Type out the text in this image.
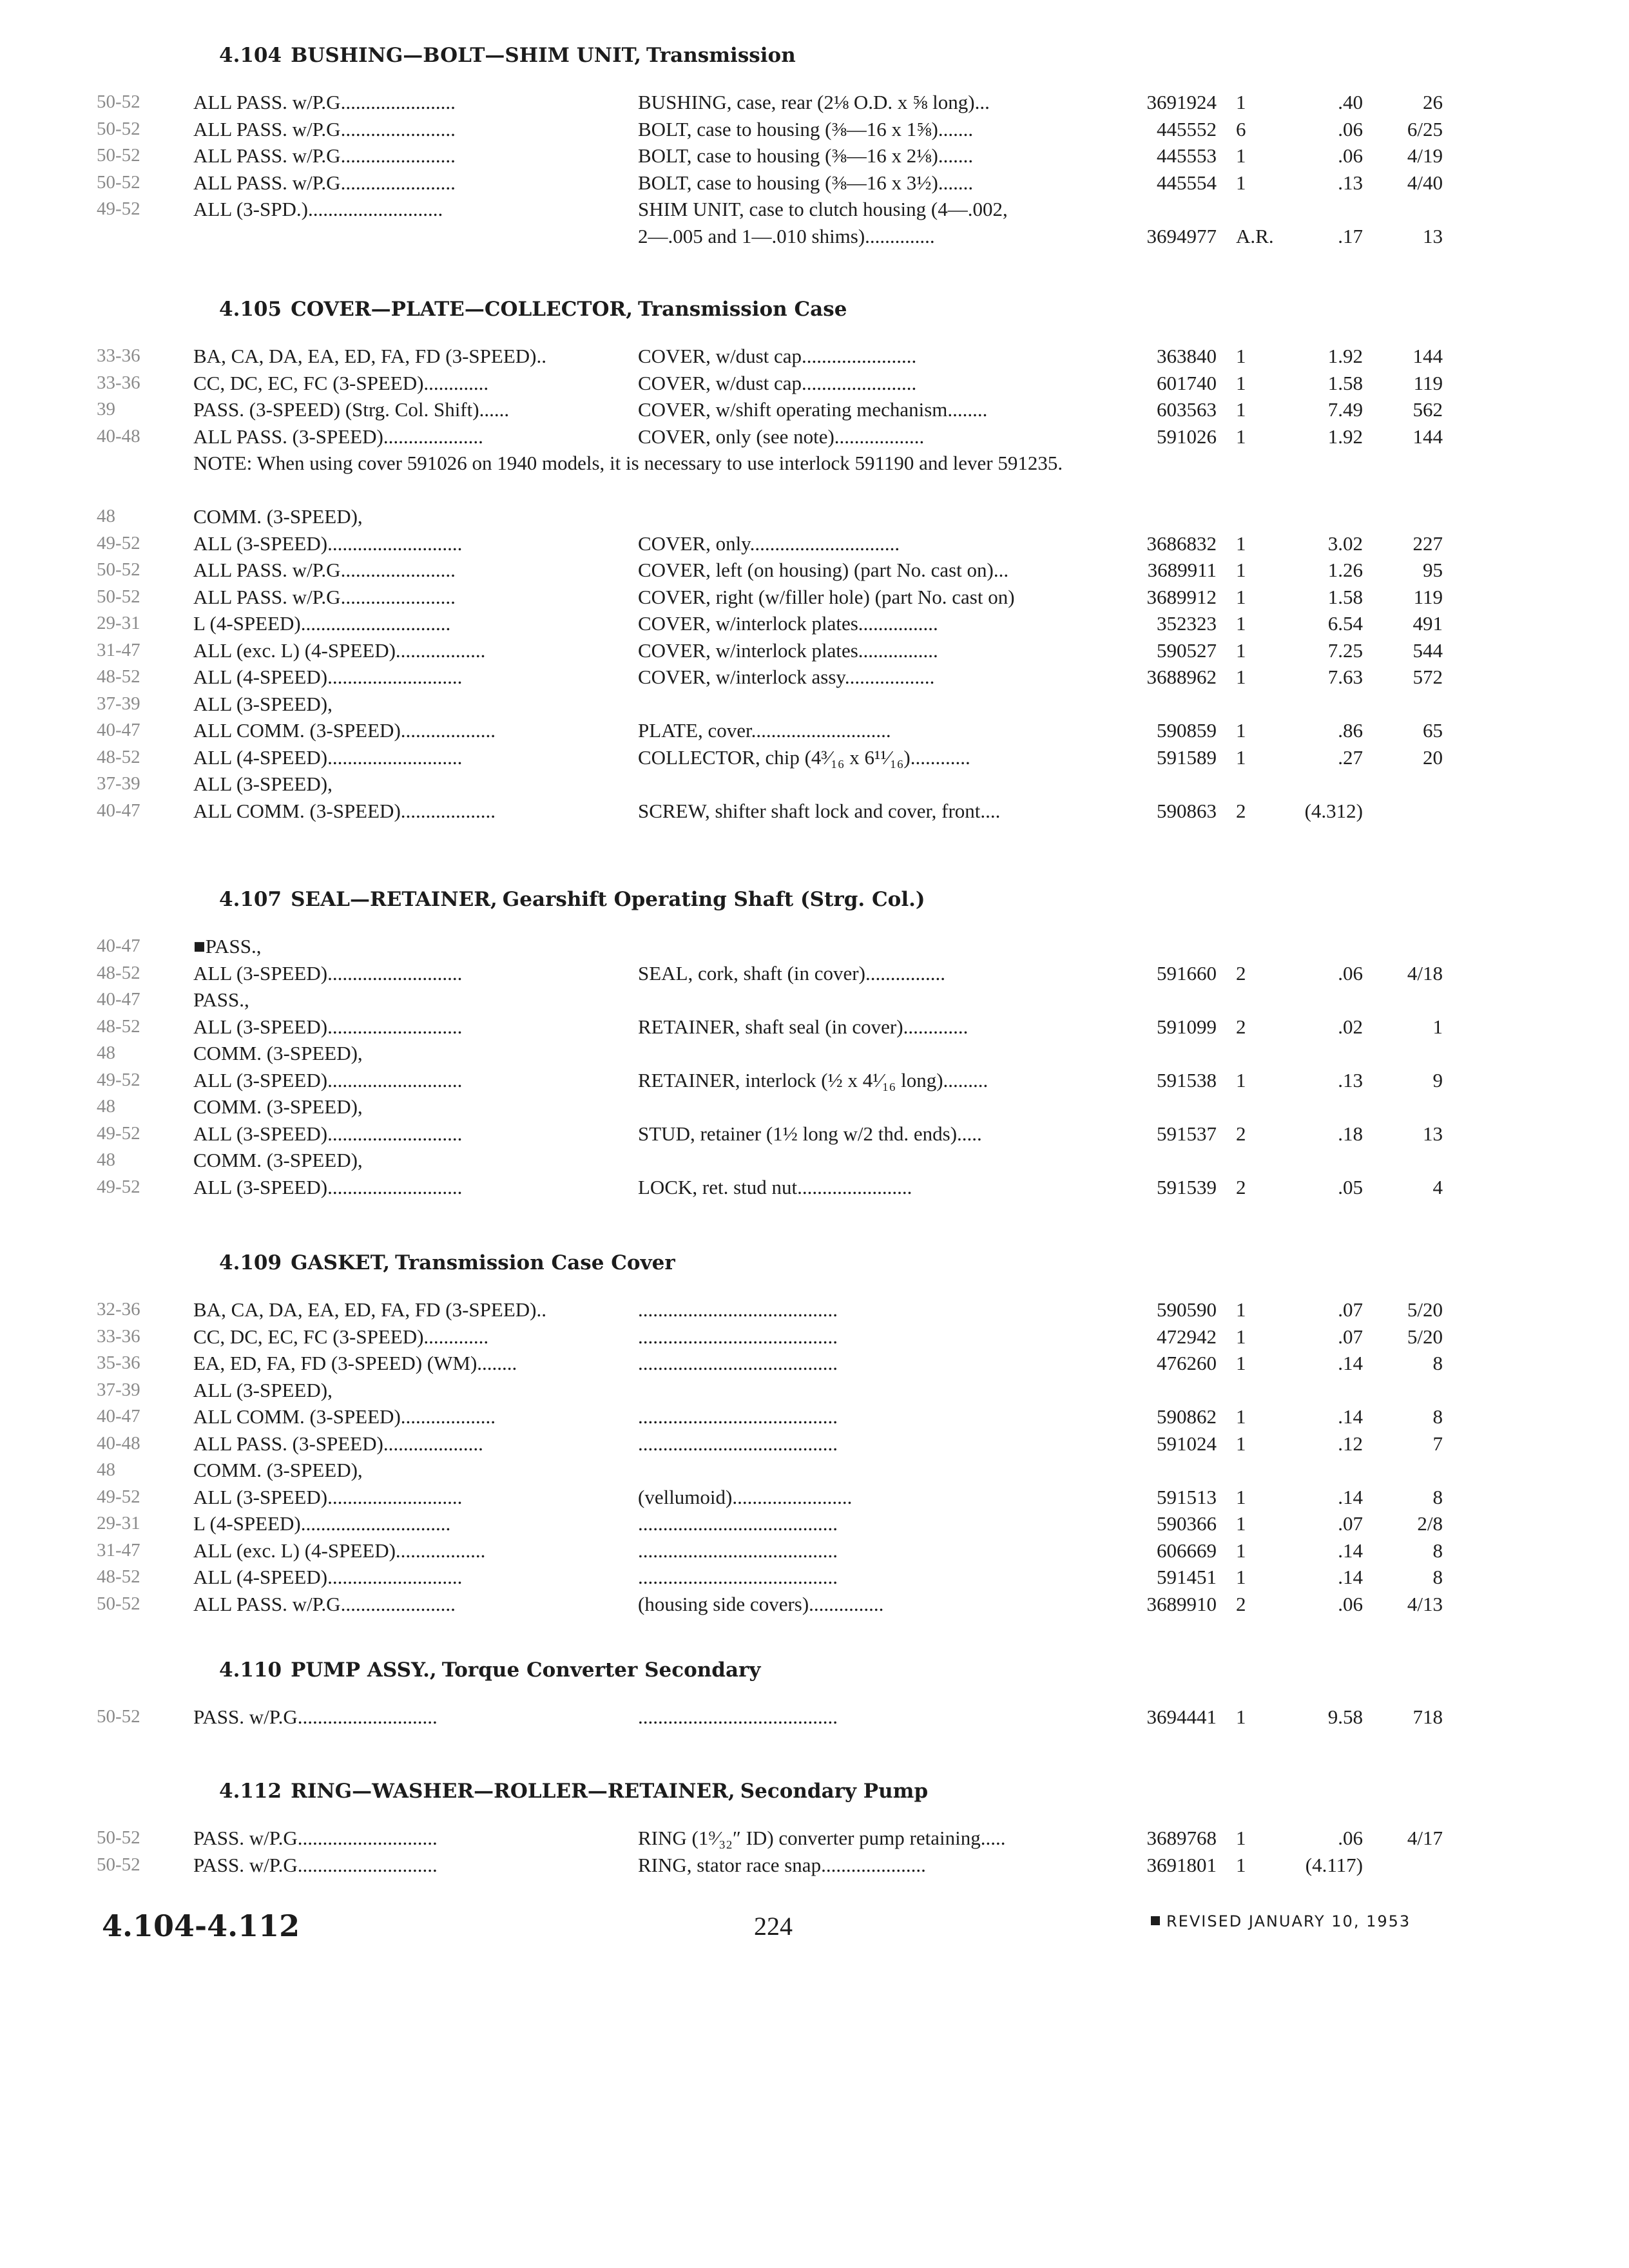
4.104 BUSHING—BOLT—SHIM UNIT, Transmission
50-52	ALL PASS. w/P.G.......................	BUSHING, case, rear (2⅛ O.D. x ⅝ long)...	3691924 1	.40	26
50-52	ALL PASS. w/P.G.......................	BOLT, case to housing (⅜—16 x 1⅝).......	445552 6	.06	6/25
50-52	ALL PASS. w/P.G.......................	BOLT, case to housing (⅜—16 x 2⅛).......	445553 1	.06	4/19
50-52	ALL PASS. w/P.G.......................	BOLT, case to housing (⅜—16 x 3½).......	445554 1	.13	4/40
49-52	ALL (3-SPD.)...........................	SHIM UNIT, case to clutch housing (4—.002,
2—.005 and 1—.010 shims)..............	3694977 A.R.	.17	13
4.105 COVER—PLATE—COLLECTOR, Transmission Case
33-36	BA, CA, DA, EA, ED, FA, FD (3-SPEED)..	COVER, w/dust cap.......................	363840 1	1.92	144
33-36	CC, DC, EC, FC (3-SPEED).............	COVER, w/dust cap.......................	601740 1	1.58	119
39	PASS. (3-SPEED) (Strg. Col. Shift)......	COVER, w/shift operating mechanism........	603563 1	7.49	562
40-48	ALL PASS. (3-SPEED)....................	COVER, only (see note)..................	591026 1	1.92	144
NOTE: When using cover 591026 on 1940 models, it is necessary to use interlock 591190 and lever 591235.
48	COMM. (3-SPEED),
49-52	ALL (3-SPEED)...........................	COVER, only..............................	3686832 1	3.02	227
50-52	ALL PASS. w/P.G.......................	COVER, left (on housing) (part No. cast on)...	3689911 1	1.26	95
50-52	ALL PASS. w/P.G.......................	COVER, right (w/filler hole) (part No. cast on)	3689912 1	1.58	119
29-31	L (4-SPEED)..............................	COVER, w/interlock plates................	352323 1	6.54	491
31-47	ALL (exc. L) (4-SPEED)..................	COVER, w/interlock plates................	590527 1	7.25	544
48-52	ALL (4-SPEED)...........................	COVER, w/interlock assy..................	3688962 1	7.63	572
37-39	ALL (3-SPEED),
40-47	ALL COMM. (3-SPEED)...................	PLATE, cover............................	590859 1	.86	65
48-52	ALL (4-SPEED)...........................	COLLECTOR, chip (4³⁄₁₆ x 6¹¹⁄₁₆)............	591589 1	.27	20
37-39	ALL (3-SPEED),
40-47	ALL COMM. (3-SPEED)...................	SCREW, shifter shaft lock and cover, front....	590863 2	(4.312)
4.107 SEAL—RETAINER, Gearshift Operating Shaft (Strg. Col.)
40-47	■PASS.,
48-52	ALL (3-SPEED)...........................	SEAL, cork, shaft (in cover)................	591660 2	.06	4/18
40-47	PASS.,
48-52	ALL (3-SPEED)...........................	RETAINER, shaft seal (in cover).............	591099 2	.02	1
48	COMM. (3-SPEED),
49-52	ALL (3-SPEED)...........................	RETAINER, interlock (½ x 4¹⁄₁₆ long).........	591538 1	.13	9
48	COMM. (3-SPEED),
49-52	ALL (3-SPEED)...........................	STUD, retainer (1½ long w/2 thd. ends).....	591537 2	.18	13
48	COMM. (3-SPEED),
49-52	ALL (3-SPEED)...........................	LOCK, ret. stud nut.......................	591539 2	.05	4
4.109 GASKET, Transmission Case Cover
32-36	BA, CA, DA, EA, ED, FA, FD (3-SPEED)..	........................................	590590 1	.07	5/20
33-36	CC, DC, EC, FC (3-SPEED).............	........................................	472942 1	.07	5/20
35-36	EA, ED, FA, FD (3-SPEED) (WM)........	........................................	476260 1	.14	8
37-39	ALL (3-SPEED),
40-47	ALL COMM. (3-SPEED)...................	........................................	590862 1	.14	8
40-48	ALL PASS. (3-SPEED)....................	........................................	591024 1	.12	7
48	COMM. (3-SPEED),
49-52	ALL (3-SPEED)...........................	(vellumoid)........................	591513 1	.14	8
29-31	L (4-SPEED)..............................	........................................	590366 1	.07	2/8
31-47	ALL (exc. L) (4-SPEED)..................	........................................	606669 1	.14	8
48-52	ALL (4-SPEED)...........................	........................................	591451 1	.14	8
50-52	ALL PASS. w/P.G.......................	(housing side covers)...............	3689910 2	.06	4/13
4.110 PUMP ASSY., Torque Converter Secondary
50-52	PASS. w/P.G............................	........................................	3694441 1	9.58	718
4.112 RING—WASHER—ROLLER—RETAINER, Secondary Pump
50-52	PASS. w/P.G............................	RING (1⁹⁄₃₂″ ID) converter pump retaining.....	3689768 1	.06	4/17
50-52	PASS. w/P.G............................	RING, stator race snap.....................	3691801 1	(4.117)
4.104-4.112	224	REVISED JANUARY 10, 1953
